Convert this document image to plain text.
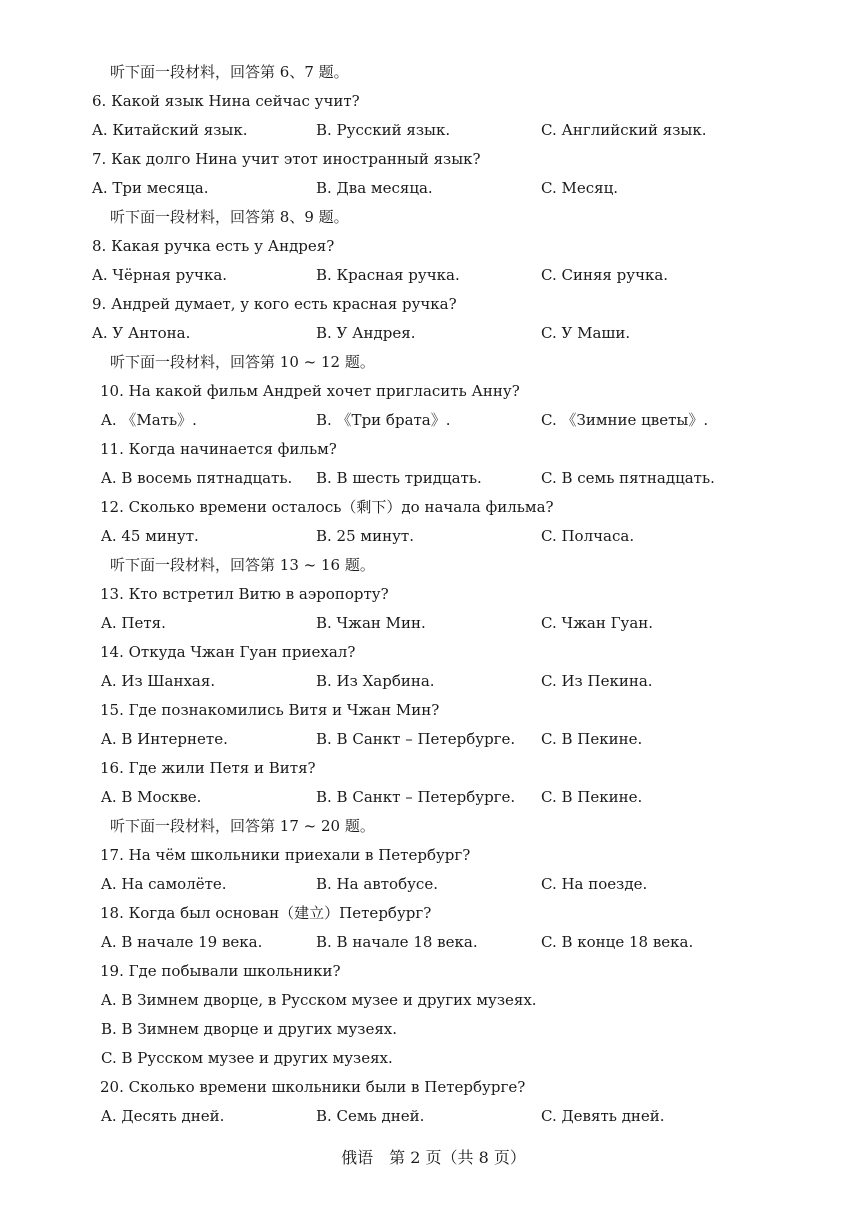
听下面一段材料，回答第 6、7 题。
6. Какой язык Нина сейчас учит?
A. Китайский язык.	B. Русский язык.	C. Английский язык.
7. Как долго Нина учит этот иностранный язык?
A. Три месяца.	B. Два месяца.	C. Месяц.
听下面一段材料，回答第 8、9 题。
8. Какая ручка есть у Андрея?
A. Чёрная ручка.	B. Красная ручка.	C. Синяя ручка.
9. Андрей думает, у кого есть красная ручка?
A. У Антона.	B. У Андрея.	C. У Маши.
听下面一段材料，回答第 10 ~ 12 题。
10. На какой фильм Андрей хочет пригласить Анну?
A. 《Мать》.	B. 《Три брата》.	C. 《Зимние цветы》.
11. Когда начинается фильм?
A. В восемь пятнадцать. B. В шесть тридцать.	C. В семь пятнадцать.
12. Сколько времени осталось（剩下）до начала фильма?
A. 45 минут.	B. 25 минут.	C. Полчаса.
听下面一段材料，回答第 13 ~ 16 题。
13. Кто встретил Витю в аэропорту?
A. Петя.	B. Чжан Мин.	C. Чжан Гуан.
14. Откуда Чжан Гуан приехал?
A. Из Шанхая.	B. Из Харбина.	C. Из Пекина.
15. Где познакомились Витя и Чжан Мин?
A. В Интернете.	B. В Санкт – Петербурге. C. В Пекине.
16. Где жили Петя и Витя?
A. В Москве.	B. В Санкт – Петербурге. C. В Пекине.
听下面一段材料，回答第 17 ~ 20 题。
17. На чём школьники приехали в Петербург?
A. На самолёте.	B. На автобусе.	C. На поезде.
18. Когда был основан（建立）Петербург?
A. В начале 19 века.	B. В начале 18 века.	C. В конце 18 века.
19. Где побывали школьники?
A. В Зимнем дворце, в Русском музее и других музеях.
B. В Зимнем дворце и других музеях.
C. В Русском музее и других музеях.
20. Сколько времени школьники были в Петербурге?
A. Десять дней.	B. Семь дней.	C. Девять дней.
俄语　第 2 页（共 8 页）
